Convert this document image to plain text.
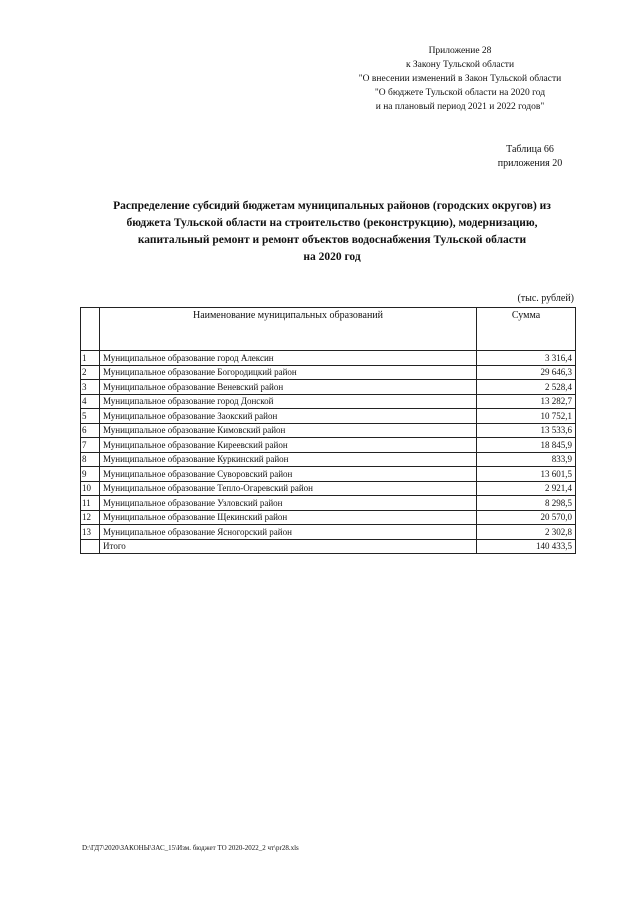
Приложение 28
к Закону Тульской области
"О внесении изменений в Закон Тульской области
"О бюджете Тульской области на 2020 год
и на плановый период 2021 и 2022 годов"
Таблица 66
приложения 20
Распределение субсидий бюджетам муниципальных районов (городских округов) из
бюджета Тульской области на строительство (реконструкцию), модернизацию,
капитальный ремонт и ремонт объектов водоснабжения Тульской области
на 2020 год
(тыс. рублей)
	Наименование муниципальных образований	Сумма
1	Муниципальное образование город Алексин	3 316,4
2	Муниципальное образование Богородицкий район	29 646,3
3	Муниципальное образование Веневский район	2 528,4
4	Муниципальное образование город Донской	13 282,7
5	Муниципальное образование Заокский район	10 752,1
6	Муниципальное образование Кимовский район	13 533,6
7	Муниципальное образование Киреевский район	18 845,9
8	Муниципальное образование Куркинский район	833,9
9	Муниципальное образование Суворовский район	13 601,5
10	Муниципальное образование Тепло-Огаревский район	2 921,4
11	Муниципальное образование Узловский район	8 298,5
12	Муниципальное образование Щекинский район	20 570,0
13	Муниципальное образование Ясногорский район	2 302,8
	Итого	140 433,5
D:\ГД7\2020\ЗАКОНЫ\ЗАС_15\Изм. бюджет ТО 2020-2022_2 чт\pr28.xls
